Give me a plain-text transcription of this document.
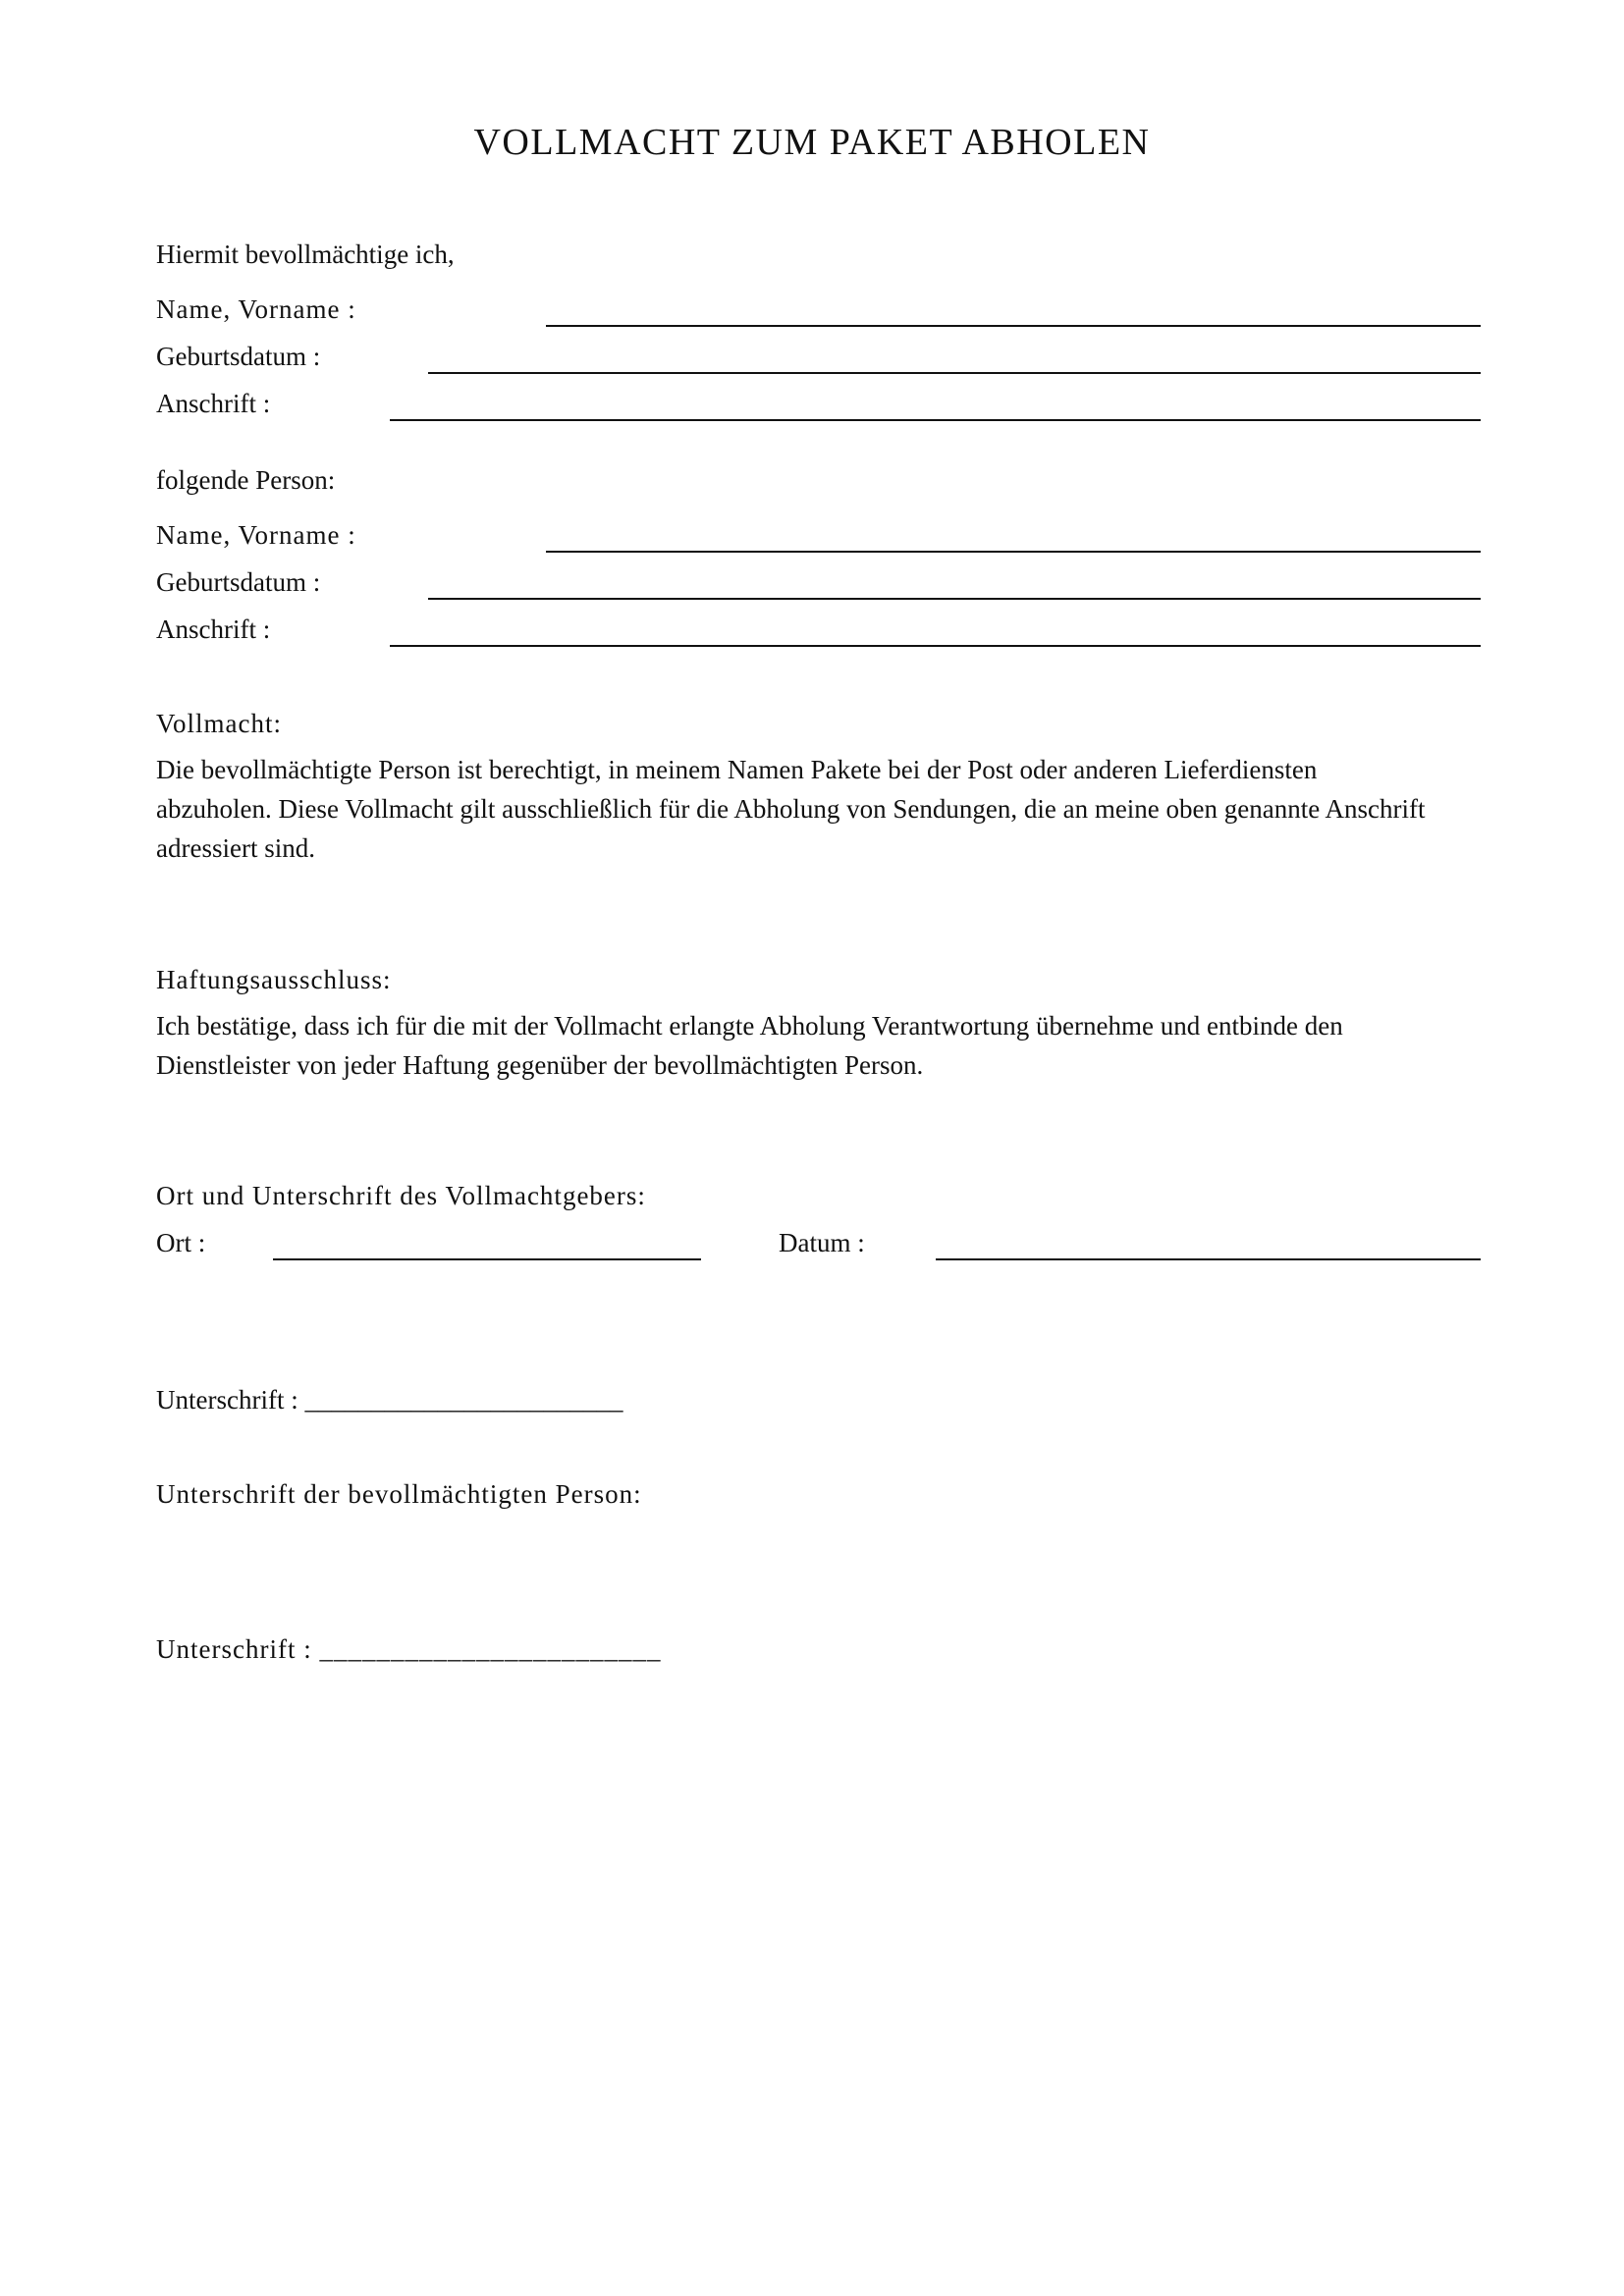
VOLLMACHT ZUM PAKET ABHOLEN
Hiermit bevollmächtige ich,
Name, Vorname :
Geburtsdatum :
Anschrift :
folgende Person:
Name, Vorname :
Geburtsdatum :
Anschrift :
Vollmacht:
Die bevollmächtigte Person ist berechtigt, in meinem Namen Pakete bei der Post oder anderen Lieferdiensten
abzuholen. Diese Vollmacht gilt ausschließlich für die Abholung von Sendungen, die an meine oben genannte Anschrift
adressiert sind.
Haftungsausschluss:
Ich bestätige, dass ich für die mit der Vollmacht erlangte Abholung Verantwortung übernehme und entbinde den
Dienstleister von jeder Haftung gegenüber der bevollmächtigten Person.
Ort und Unterschrift des Vollmachtgebers:
Ort :	Datum :
Unterschrift : ________________________
Unterschrift der bevollmächtigten Person:
Unterschrift : ________________________
